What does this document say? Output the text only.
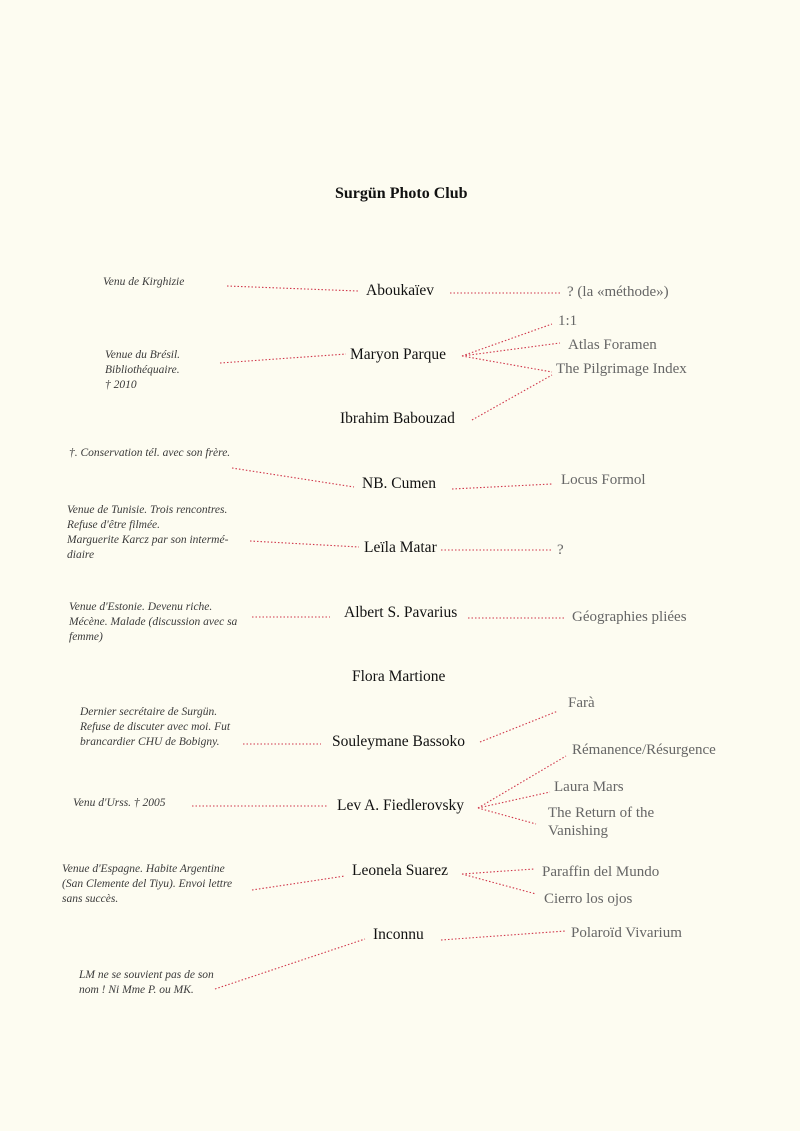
Surgün Photo Club
Aboukaïev
Maryon Parque
Ibrahim Babouzad
NB. Cumen
Leïla Matar
Albert S. Pavarius
Flora Martione
Souleymane Bassoko
Lev A. Fiedlerovsky
Leonela Suarez
Inconnu
Venu de Kirghizie
Venue du Brésil.
Bibliothéquaire.
† 2010
†. Conservation tél. avec son frère.
Venue de Tunisie. Trois rencontres.
Refuse d'être filmée.
Marguerite Karcz par son intermé-
diaire
Venue d'Estonie. Devenu riche.
Mécène. Malade (discussion avec sa
femme)
Dernier secrétaire de Surgün.
Refuse de discuter avec moi. Fut
brancardier CHU de Bobigny.
Venu d'Urss. † 2005
Venue d'Espagne. Habite Argentine
(San Clemente del Tiyu). Envoi lettre
sans succès.
LM ne se souvient pas de son
nom ! Ni Mme P. ou MK.
? (la «méthode»)
1:1
Atlas Foramen
The Pilgrimage Index
Locus Formol
?
Géographies pliées
Farà
Rémanence/Résurgence
Laura Mars
The Return of the
Vanishing
Paraffin del Mundo
Cierro los ojos
Polaroïd Vivarium
